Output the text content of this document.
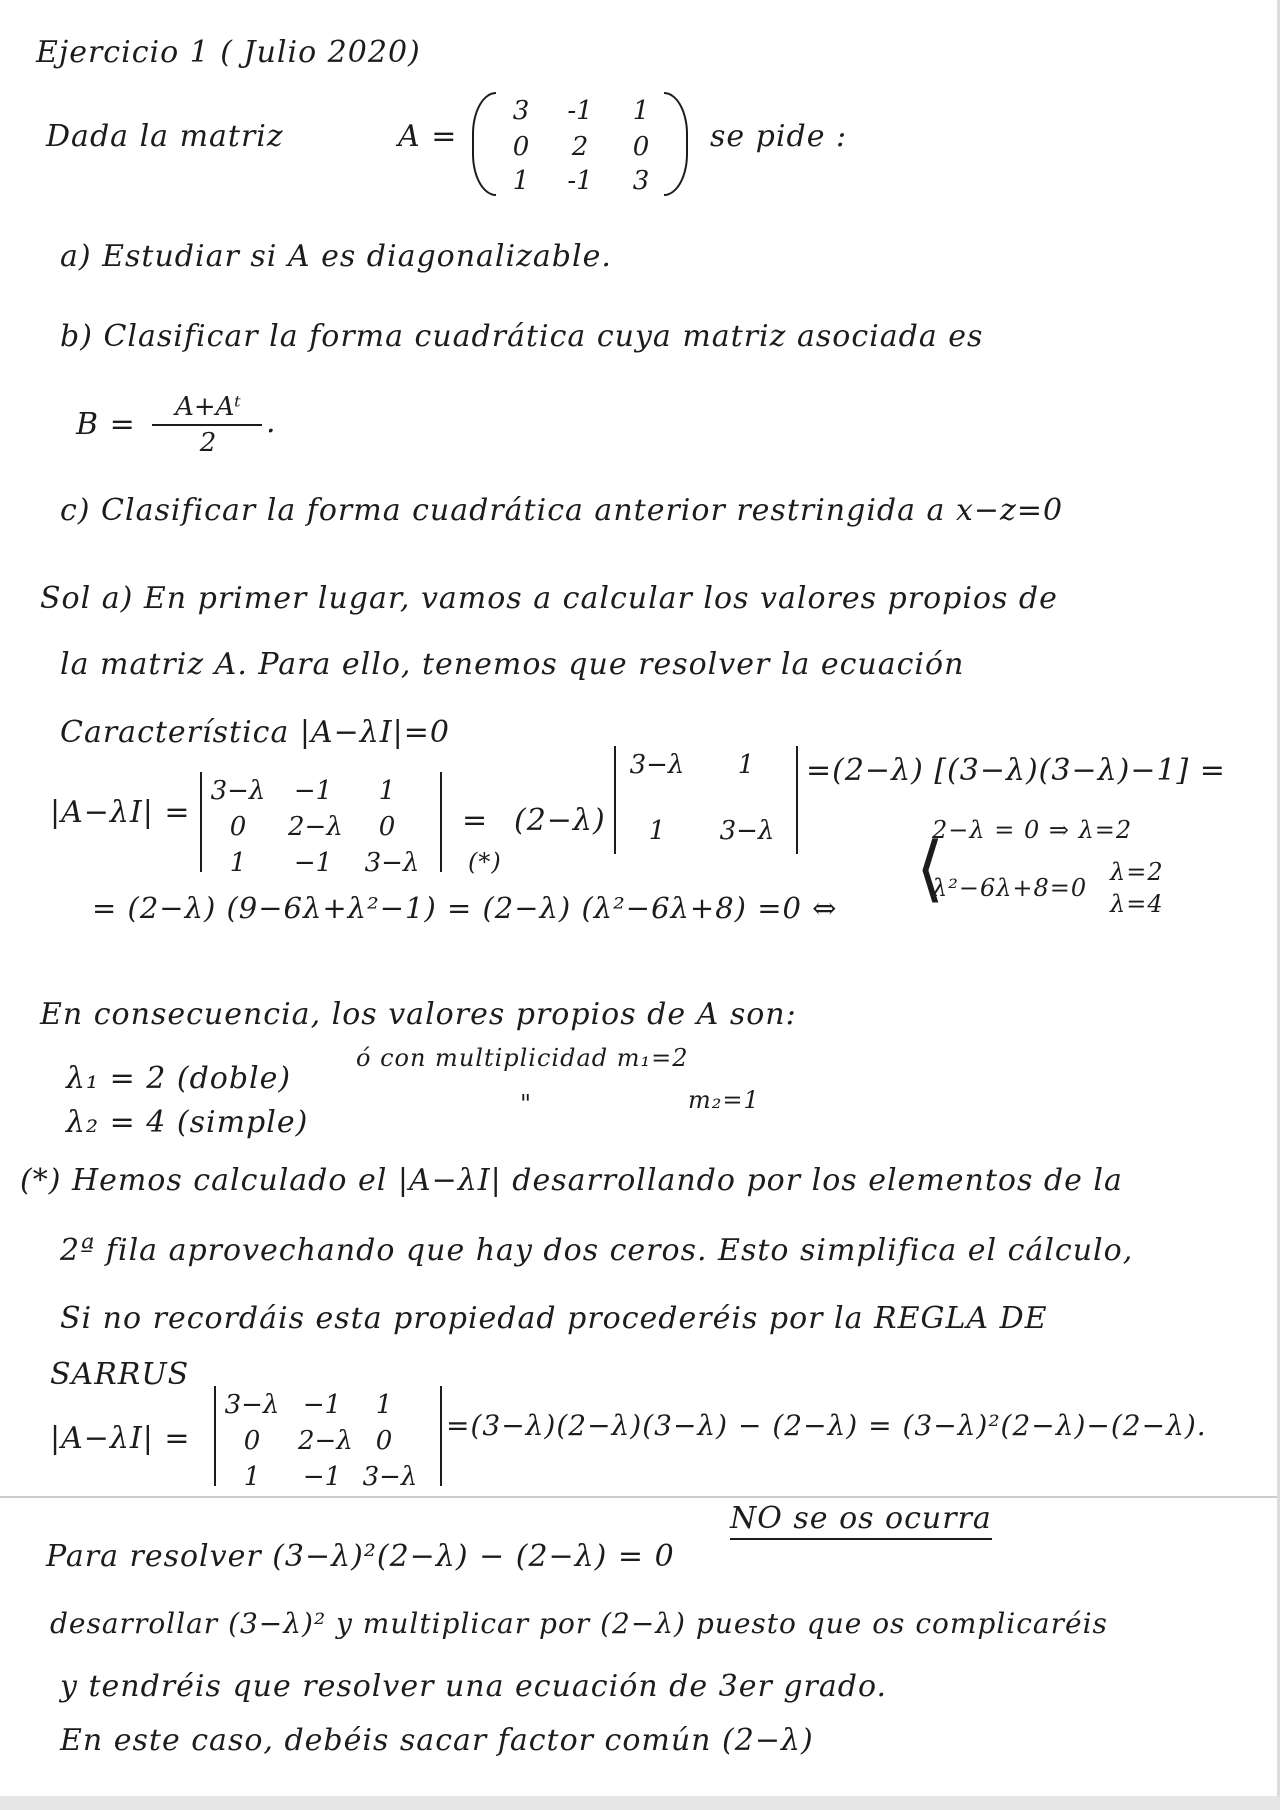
Ejercicio 1 ( Julio 2020)
Dada la matriz	A =
3 -1 1
0	2	0
1 -1 3
se pide :
a) Estudiar si A es diagonalizable.
b) Clasificar la forma cuadrática cuya matriz asociada es
B =	A+Aᵗ
2
.
c) Clasificar la forma cuadrática anterior restringida a x−z=0
Sol a) En primer lugar, vamos a calcular los valores propios de
la matriz A. Para ello, tenemos que resolver la ecuación
Característica |A−λI|=0
|A−λI| =
3−λ −1	1
0	2−λ	0
1	−1 3−λ
=
(*)
(2−λ)
3−λ	1
1	3−λ
=(2−λ) [(3−λ)(3−λ)−1] =
2−λ = 0 ⇒ λ=2
= (2−λ) (9−6λ+λ²−1) = (2−λ) (λ²−6λ+8) =0 ⇔ ⟨
λ²−6λ+8=0
λ=2
λ=4
En consecuencia, los valores propios de A son:
λ₁ = 2 (doble)
ó con multiplicidad m₁=2
λ₂ = 4 (simple)
"	m₂=1
(*) Hemos calculado el |A−λI| desarrollando por los elementos de la
2ª fila aprovechando que hay dos ceros. Esto simplifica el cálculo,
Si no recordáis esta propiedad procederéis por la REGLA DE
SARRUS
|A−λI| =
3−λ −1	1
0	2−λ 0
1	−1 3−λ
=(3−λ)(2−λ)(3−λ) − (2−λ) = (3−λ)²(2−λ)−(2−λ).
Para resolver (3−λ)²(2−λ) − (2−λ) = 0
NO se os ocurra
desarrollar (3−λ)² y multiplicar por (2−λ) puesto que os complicaréis
y tendréis que resolver una ecuación de 3er grado.
En este caso, debéis sacar factor común (2−λ)
